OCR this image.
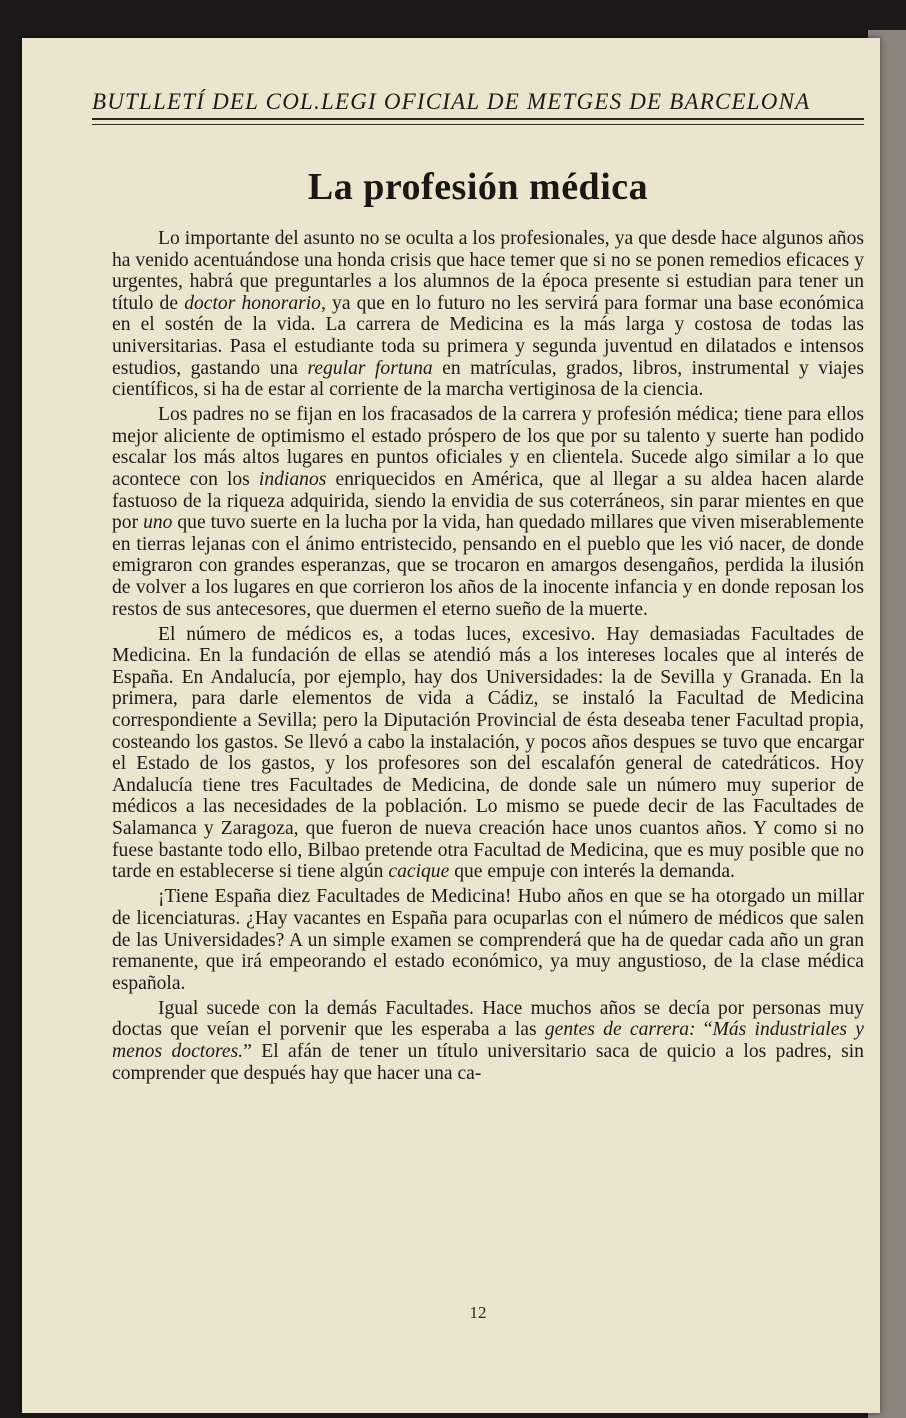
BUTLLETÍ DEL COL.LEGI OFICIAL DE METGES DE BARCELONA
La profesión médica

Lo importante del asunto no se oculta a los profesionales, ya que desde hace algunos años ha venido acentuándose una honda crisis que hace temer que si no se ponen remedios eficaces y urgentes, habrá que preguntarles a los alumnos de la época presente si estudian para tener un título de doctor honorario, ya que en lo futuro no les servirá para formar una base económica en el sostén de la vida. La carrera de Medicina es la más larga y costosa de todas las universitarias. Pasa el estudiante toda su primera y segunda juventud en dilatados e intensos estudios, gastando una regular fortuna en matrículas, grados, libros, instrumental y viajes científicos, si ha de estar al corriente de la marcha vertiginosa de la ciencia.

Los padres no se fijan en los fracasados de la carrera y profesión médica; tiene para ellos mejor aliciente de optimismo el estado próspero de los que por su talento y suerte han podido escalar los más altos lugares en puntos oficiales y en clientela. Sucede algo similar a lo que acontece con los indianos enriquecidos en América, que al llegar a su aldea hacen alarde fastuoso de la riqueza adquirida, siendo la envidia de sus coterráneos, sin parar mientes en que por uno que tuvo suerte en la lucha por la vida, han quedado millares que viven miserablemente en tierras lejanas con el ánimo entristecido, pensando en el pueblo que les vió nacer, de donde emigraron con grandes esperanzas, que se trocaron en amargos desengaños, perdida la ilusión de volver a los lugares en que corrieron los años de la inocente infancia y en donde reposan los restos de sus antecesores, que duermen el eterno sueño de la muerte.

El número de médicos es, a todas luces, excesivo. Hay demasiadas Facultades de Medicina. En la fundación de ellas se atendió más a los intereses locales que al interés de España. En Andalucía, por ejemplo, hay dos Universidades: la de Sevilla y Granada. En la primera, para darle elementos de vida a Cádiz, se instaló la Facultad de Medicina correspondiente a Sevilla; pero la Diputación Provincial de ésta deseaba tener Facultad propia, costeando los gastos. Se llevó a cabo la instalación, y pocos años despues se tuvo que encargar el Estado de los gastos, y los profesores son del escalafón general de catedráticos. Hoy Andalucía tiene tres Facultades de Medicina, de donde sale un número muy superior de médicos a las necesidades de la población. Lo mismo se puede decir de las Facultades de Salamanca y Zaragoza, que fueron de nueva creación hace unos cuantos años. Y como si no fuese bastante todo ello, Bilbao pretende otra Facultad de Medicina, que es muy posible que no tarde en establecerse si tiene algún cacique que empuje con interés la demanda.

¡Tiene España diez Facultades de Medicina! Hubo años en que se ha otorgado un millar de licenciaturas. ¿Hay vacantes en España para ocuparlas con el número de médicos que salen de las Universidades? A un simple examen se comprenderá que ha de quedar cada año un gran remanente, que irá empeorando el estado económico, ya muy angustioso, de la clase médica española.

Igual sucede con la demás Facultades. Hace muchos años se decía por personas muy doctas que veían el porvenir que les esperaba a las gentes de carrera: “Más industriales y menos doctores.” El afán de tener un título universitario saca de quicio a los padres, sin comprender que después hay que hacer una ca-

12
